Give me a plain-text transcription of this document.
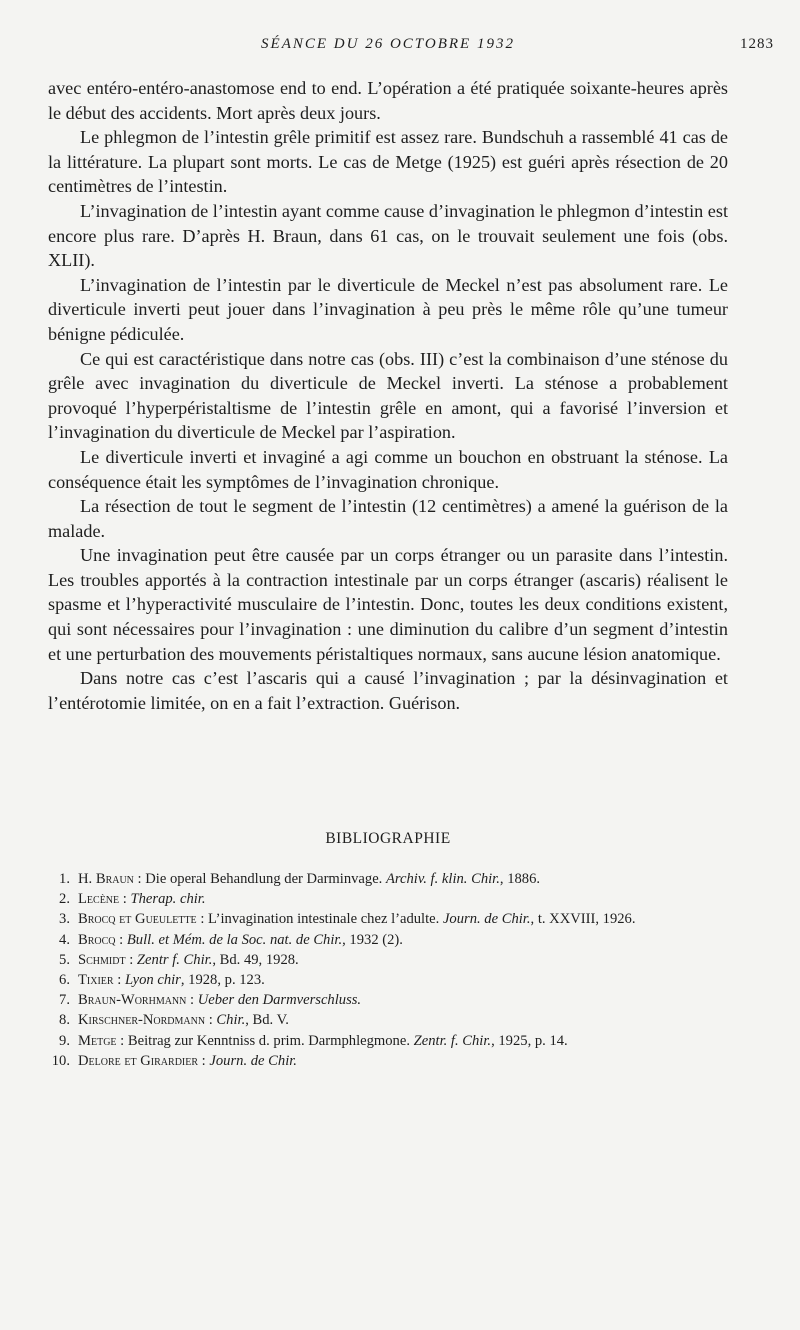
SÉANCE DU 26 OCTOBRE 1932	1283

avec entéro-entéro-anastomose end to end. L’opération a été pratiquée soixante-heures après le début des accidents. Mort après deux jours.

Le phlegmon de l’intestin grêle primitif est assez rare. Bundschuh a rassemblé 41 cas de la littérature. La plupart sont morts. Le cas de Metge (1925) est guéri après résection de 20 centimètres de l’intestin.

L’invagination de l’intestin ayant comme cause d’invagination le phlegmon d’intestin est encore plus rare. D’après H. Braun, dans 61 cas, on le trouvait seulement une fois (obs. XLII).

L’invagination de l’intestin par le diverticule de Meckel n’est pas absolument rare. Le diverticule inverti peut jouer dans l’invagination à peu près le même rôle qu’une tumeur bénigne pédiculée.

Ce qui est caractéristique dans notre cas (obs. III) c’est la combinaison d’une sténose du grêle avec invagination du diverticule de Meckel inverti. La sténose a probablement provoqué l’hyperpéristaltisme de l’intestin grêle en amont, qui a favorisé l’inversion et l’invagination du diverticule de Meckel par l’aspiration.

Le diverticule inverti et invaginé a agi comme un bouchon en obstruant la sténose. La conséquence était les symptômes de l’invagination chronique.

La résection de tout le segment de l’intestin (12 centimètres) a amené la guérison de la malade.

Une invagination peut être causée par un corps étranger ou un parasite dans l’intestin. Les troubles apportés à la contraction intestinale par un corps étranger (ascaris) réalisent le spasme et l’hyperactivité musculaire de l’intestin. Donc, toutes les deux conditions existent, qui sont nécessaires pour l’invagination : une diminution du calibre d’un segment d’intestin et une perturbation des mouvements péristaltiques normaux, sans aucune lésion anatomique.

Dans notre cas c’est l’ascaris qui a causé l’invagination ; par la désinvagination et l’entérotomie limitée, on en a fait l’extraction. Guérison.

BIBLIOGRAPHIE
1. H. Braun : Die operal Behandlung der Darminvage. Archiv. f. klin. Chir., 1886.
2. Lecène : Therap. chir.
3. Brocq et Gueulette : L’invagination intestinale chez l’adulte. Journ. de Chir., t. XXVIII, 1926.
4. Brocq : Bull. et Mém. de la Soc. nat. de Chir., 1932 (2).
5. Schmidt : Zentr f. Chir., Bd. 49, 1928.
6. Tixier : Lyon chir, 1928, p. 123.
7. Braun-Worhmann : Ueber den Darmverschluss.
8. Kirschner-Nordmann : Chir., Bd. V.
9. Metge : Beitrag zur Kenntniss d. prim. Darmphlegmone. Zentr. f. Chir., 1925, p. 14.
10. Delore et Girardier : Journ. de Chir.
